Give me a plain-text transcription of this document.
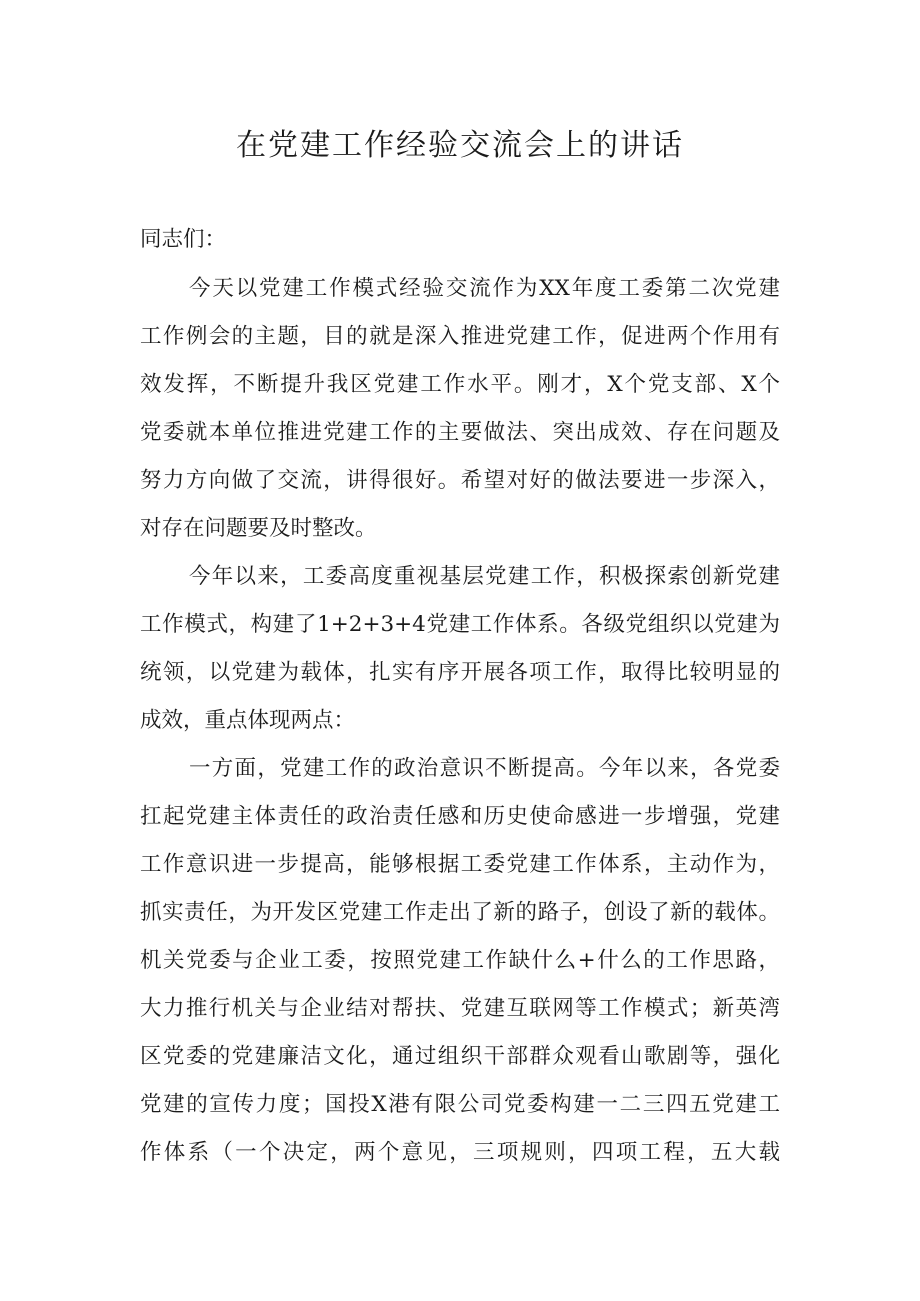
在党建工作经验交流会上的讲话
同志们：
今天以党建工作模式经验交流作为XX年度工委第二次党建
工作例会的主题，目的就是深入推进党建工作，促进两个作用有
效发挥，不断提升我区党建工作水平。刚才，X个党支部、X个
党委就本单位推进党建工作的主要做法、突出成效、存在问题及
努力方向做了交流，讲得很好。希望对好的做法要进一步深入，
对存在问题要及时整改。
今年以来，工委高度重视基层党建工作，积极探索创新党建
工作模式，构建了1+2+3+4党建工作体系。各级党组织以党建为
统领，以党建为载体，扎实有序开展各项工作，取得比较明显的
成效，重点体现两点：
一方面，党建工作的政治意识不断提高。今年以来，各党委
扛起党建主体责任的政治责任感和历史使命感进一步增强，党建
工作意识进一步提高，能够根据工委党建工作体系，主动作为，
抓实责任，为开发区党建工作走出了新的路子，创设了新的载体。
机关党委与企业工委，按照党建工作缺什么+什么的工作思路，
大力推行机关与企业结对帮扶、党建互联网等工作模式；新英湾
区党委的党建廉洁文化，通过组织干部群众观看山歌剧等，强化
党建的宣传力度；国投X港有限公司党委构建一二三四五党建工
作体系（一个决定，两个意见，三项规则，四项工程，五大载
